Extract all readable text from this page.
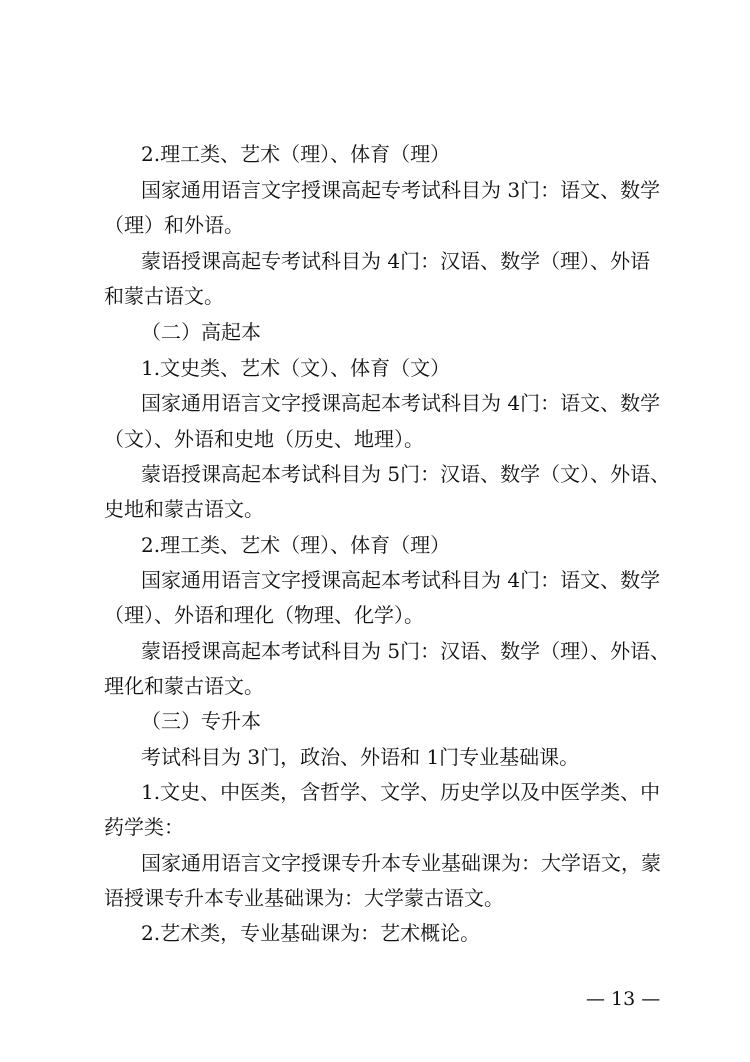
2.理工类、艺术（理）、体育（理）
国家通用语言文字授课高起专考试科目为 3门：语文、数学
（理）和外语。
蒙语授课高起专考试科目为 4门：汉语、数学（理）、外语
和蒙古语文。
（二）高起本
1.文史类、艺术（文）、体育（文）
国家通用语言文字授课高起本考试科目为 4门：语文、数学
（文）、外语和史地（历史、地理）。
蒙语授课高起本考试科目为 5门：汉语、数学（文）、外语、
史地和蒙古语文。
2.理工类、艺术（理）、体育（理）
国家通用语言文字授课高起本考试科目为 4门：语文、数学
（理）、外语和理化（物理、化学）。
蒙语授课高起本考试科目为 5门：汉语、数学（理）、外语、
理化和蒙古语文。
（三）专升本
考试科目为 3门，政治、外语和 1门专业基础课。
1.文史、中医类，含哲学、文学、历史学以及中医学类、中
药学类：
国家通用语言文字授课专升本专业基础课为：大学语文，蒙
语授课专升本专业基础课为：大学蒙古语文。
2.艺术类，专业基础课为：艺术概论。
— 13 —
